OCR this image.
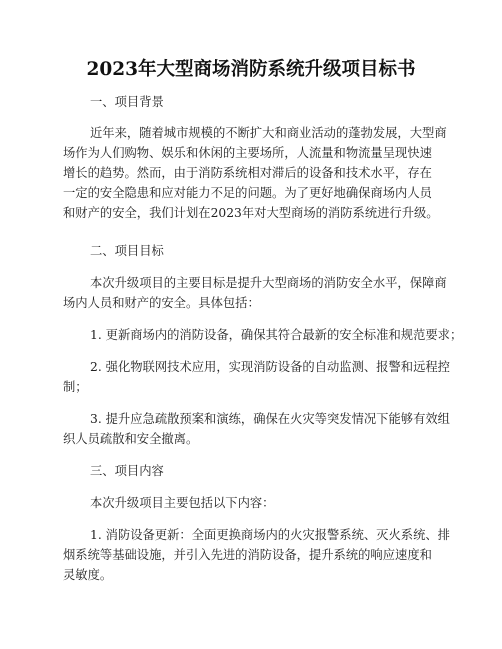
2023年大型商场消防系统升级项目标书
一、项目背景
近年来，随着城市规模的不断扩大和商业活动的蓬勃发展，大型商
场作为人们购物、娱乐和休闲的主要场所，人流量和物流量呈现快速
增长的趋势。然而，由于消防系统相对滞后的设备和技术水平，存在
一定的安全隐患和应对能力不足的问题。为了更好地确保商场内人员
和财产的安全，我们计划在2023年对大型商场的消防系统进行升级。
二、项目目标
本次升级项目的主要目标是提升大型商场的消防安全水平，保障商
场内人员和财产的安全。具体包括：
1. 更新商场内的消防设备，确保其符合最新的安全标准和规范要求；
2. 强化物联网技术应用，实现消防设备的自动监测、报警和远程控
制；
3. 提升应急疏散预案和演练，确保在火灾等突发情况下能够有效组
织人员疏散和安全撤离。
三、项目内容
本次升级项目主要包括以下内容：
1. 消防设备更新：全面更换商场内的火灾报警系统、灭火系统、排
烟系统等基础设施，并引入先进的消防设备，提升系统的响应速度和
灵敏度。
